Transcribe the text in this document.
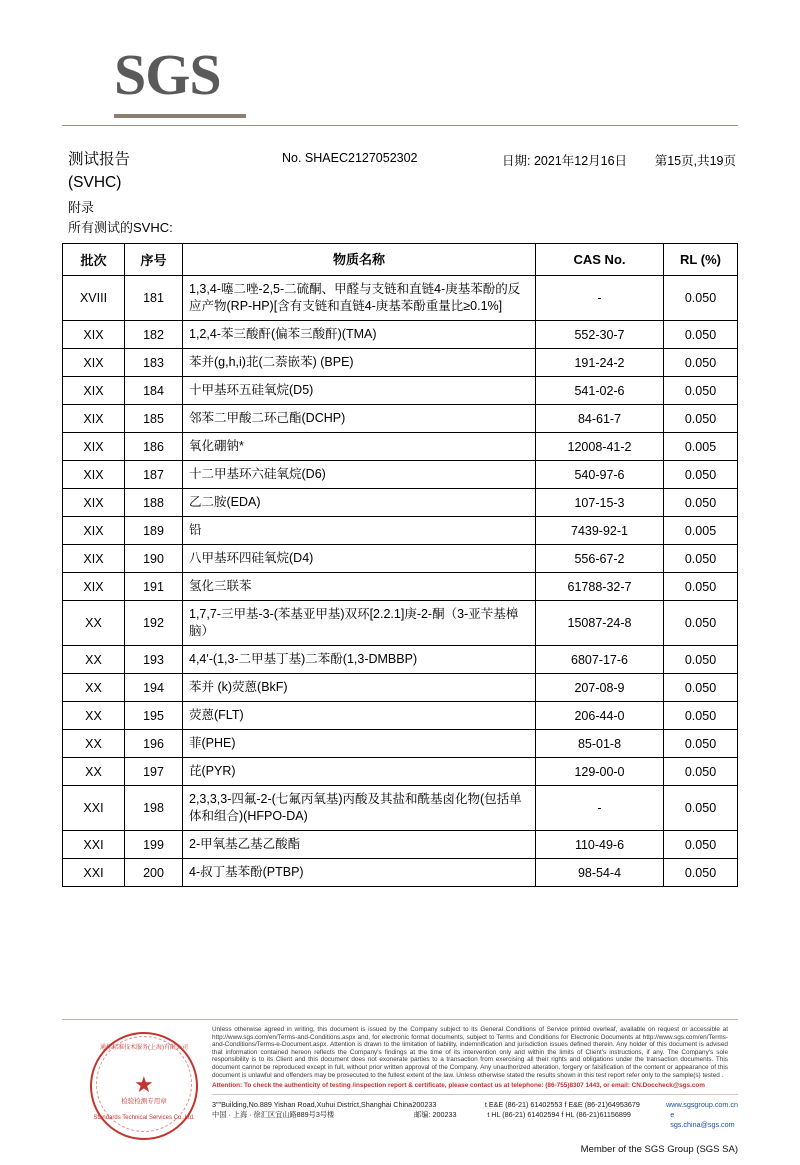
SGS
测试报告
(SVHC)
No. SHAEC2127052302	日期: 2021年12月16日 第15页,共19页
附录
所有测试的SVHC:
批次	序号	物质名称	CAS No.	RL (%)
XVIII	181	1,3,4-噻二唑-2,5-二硫酮、甲醛与支链和直链4-庚基苯酚的反应产物(RP-HP)[含有支链和直链4-庚基苯酚重量比≥0.1%]	-	0.050
XIX	182	1,2,4-苯三酸酐(偏苯三酸酐)(TMA)	552-30-7	0.050
XIX	183	苯并(g,h,i)苝(二萘嵌苯) (BPE)	191-24-2	0.050
XIX	184	十甲基环五硅氧烷(D5)	541-02-6	0.050
XIX	185	邻苯二甲酸二环己酯(DCHP)	84-61-7	0.050
XIX	186	氧化硼钠*	12008-41-2	0.005
XIX	187	十二甲基环六硅氧烷(D6)	540-97-6	0.050
XIX	188	乙二胺(EDA)	107-15-3	0.050
XIX	189	铅	7439-92-1	0.005
XIX	190	八甲基环四硅氧烷(D4)	556-67-2	0.050
XIX	191	氢化三联苯	61788-32-7	0.050
XX	192	1,7,7-三甲基-3-(苯基亚甲基)双环[2.2.1]庚-2-酮（3-亚苄基樟脑）	15087-24-8	0.050
XX	193	4,4'-(1,3-二甲基丁基)二苯酚(1,3-DMBBP)	6807-17-6	0.050
XX	194	苯并 (k)荧蒽(BkF)	207-08-9	0.050
XX	195	荧蒽(FLT)	206-44-0	0.050
XX	196	菲(PHE)	85-01-8	0.050
XX	197	芘(PYR)	129-00-0	0.050
XXI	198	2,3,3,3-四氟-2-(七氟丙氧基)丙酸及其盐和酰基卤化物(包括单体和组合)(HFPO-DA)	-	0.050
XXI	199	2-甲氧基乙基乙酸酯	110-49-6	0.050
XXI	200	4-叔丁基苯酚(PTBP)	98-54-4	0.050
通标标准技术服务(上海)有限公司
★
检验检测专用章
Standards Technical Services Co.,Ltd.
Unless otherwise agreed in writing, this document is issued by the Company subject to its General Conditions of Service printed overleaf, available on request or accessible at http://www.sgs.com/en/Terms-and-Conditions.aspx and, for electronic format documents, subject to Terms and Conditions for Electronic Documents at http://www.sgs.com/en/Terms-and-Conditions/Terms-e-Document.aspx. Attention is drawn to the limitation of liability, indemnification and jurisdiction issues defined therein. Any holder of this document is advised that information contained hereon reflects the Company's findings at the time of its intervention only and within the limits of Client's instructions, if any. The Company's sole responsibility is to its Client and this document does not exonerate parties to a transaction from exercising all their rights and obligations under the transaction documents. This document cannot be reproduced except in full, without prior written approval of the Company. Any unauthorized alteration, forgery or falsification of the content or appearance of this document is unlawful and offenders may be prosecuted to the fullest extent of the law. Unless otherwise stated the results shown in this test report refer only to the sample(s) tested .
Attention: To check the authenticity of testing /inspection report & certificate, please contact us at telephone: (86-755)8307 1443, or email: CN.Doccheck@sgs.com
3""Building,No.889 Yishan Road,Xuhui District,Shanghai China 200233	t E&E (86-21) 61402553 f E&E (86-21)64953679	www.sgsgroup.com.cn
中国 · 上海 · 徐汇区宜山路889号3号楼	邮编: 200233	t HL (86-21) 61402594 f HL (86-21)61156899	e sgs.china@sgs.com
Member of the SGS Group (SGS SA)
